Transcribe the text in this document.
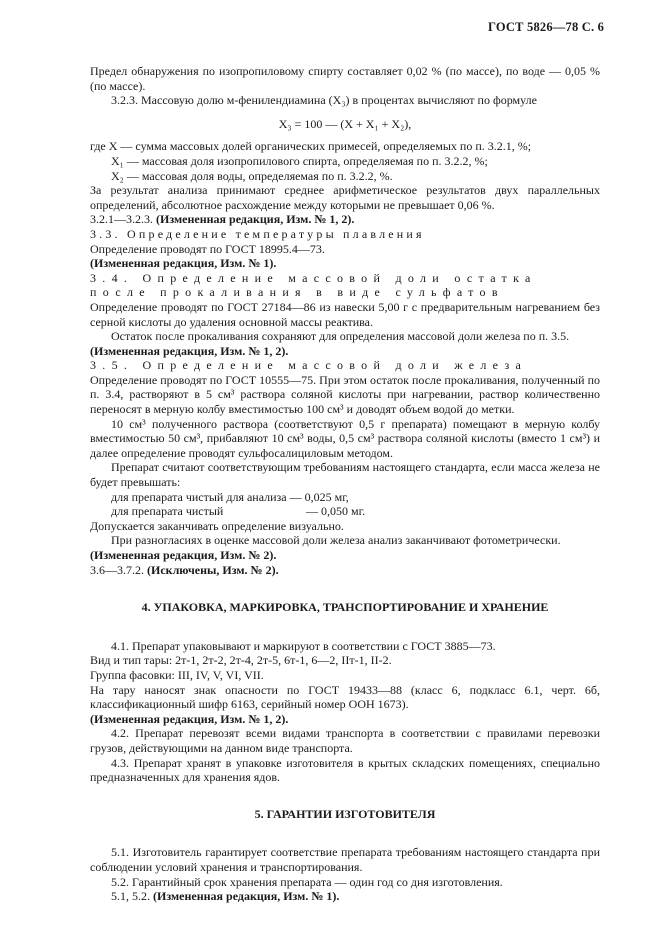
ГОСТ 5826—78 С. 6

Предел обнаружения по изопропиловому спирту составляет 0,02 % (по массе), по воде — 0,05 % (по массе).

3.2.3. Массовую долю м-фенилендиамина (X₃) в процентах вычисляют по формуле

X₃ = 100 — (X + X₁ + X₂),

где X — сумма массовых долей органических примесей, определяемых по п. 3.2.1, %;

X₁ — массовая доля изопропилового спирта, определяемая по п. 3.2.2, %;

X₂ — массовая доля воды, определяемая по п. 3.2.2, %.

За результат анализа принимают среднее арифметическое результатов двух параллельных определений, абсолютное расхождение между которыми не превышает 0,06 %.

3.2.1—3.2.3. (Измененная редакция, Изм. № 1, 2).

3.3. Определение температуры плавления

Определение проводят по ГОСТ 18995.4—73.

(Измененная редакция, Изм. № 1).

3.4. Определение массовой доли остатка после прокаливания в виде сульфатов

Определение проводят по ГОСТ 27184—86 из навески 5,00 г с предварительным нагреванием без серной кислоты до удаления основной массы реактива.

Остаток после прокаливания сохраняют для определения массовой доли железа по п. 3.5.

(Измененная редакция, Изм. № 1, 2).

3.5. Определение массовой доли железа

Определение проводят по ГОСТ 10555—75. При этом остаток после прокаливания, полученный по п. 3.4, растворяют в 5 см³ раствора соляной кислоты при нагревании, раствор количественно переносят в мерную колбу вместимостью 100 см³ и доводят объем водой до метки.

10 см³ полученного раствора (соответствуют 0,5 г препарата) помещают в мерную колбу вместимостью 50 см³, прибавляют 10 см³ воды, 0,5 см³ раствора соляной кислоты (вместо 1 см³) и далее определение проводят сульфосалициловым методом.

Препарат считают соответствующим требованиям настоящего стандарта, если масса железа не будет превышать:

для препарата чистый для анализа — 0,025 мг,

для препарата чистый	— 0,050 мг.

Допускается заканчивать определение визуально.

При разногласиях в оценке массовой доли железа анализ заканчивают фотометрически.

(Измененная редакция, Изм. № 2).

3.6—3.7.2. (Исключены, Изм. № 2).

4. УПАКОВКА, МАРКИРОВКА, ТРАНСПОРТИРОВАНИЕ И ХРАНЕНИЕ

4.1. Препарат упаковывают и маркируют в соответствии с ГОСТ 3885—73.

Вид и тип тары: 2т-1, 2т-2, 2т-4, 2т-5, 6т-1, 6—2, IIт-1, II-2.

Группа фасовки: III, IV, V, VI, VII.

На тару наносят знак опасности по ГОСТ 19433—88 (класс 6, подкласс 6.1, черт. 6б, классификационный шифр 6163, серийный номер ООН 1673).

(Измененная редакция, Изм. № 1, 2).

4.2. Препарат перевозят всеми видами транспорта в соответствии с правилами перевозки грузов, действующими на данном виде транспорта.

4.3. Препарат хранят в упаковке изготовителя в крытых складских помещениях, специально предназначенных для хранения ядов.

5. ГАРАНТИИ ИЗГОТОВИТЕЛЯ

5.1. Изготовитель гарантирует соответствие препарата требованиям настоящего стандарта при соблюдении условий хранения и транспортирования.

5.2. Гарантийный срок хранения препарата — один год со дня изготовления.

5.1, 5.2. (Измененная редакция, Изм. № 1).
